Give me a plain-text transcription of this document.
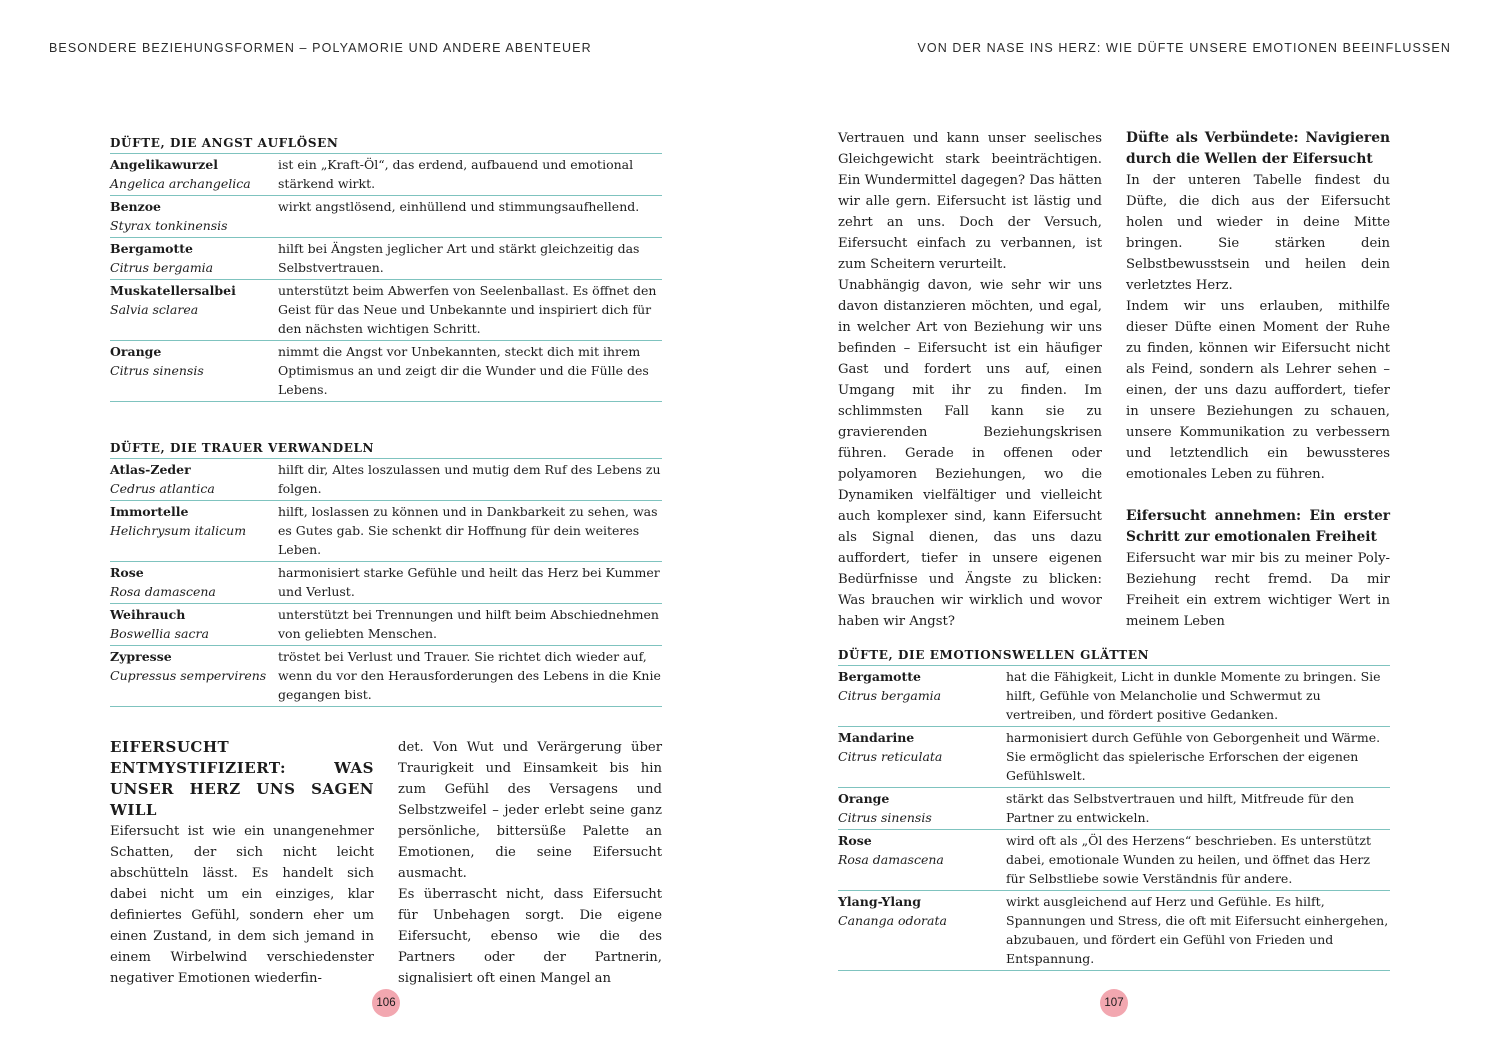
BESONDERE BEZIEHUNGSFORMEN – POLYAMORIE UND ANDERE ABENTEUER	VON DER NASE INS HERZ: WIE DÜFTE UNSERE EMOTIONEN BEEINFLUSSEN
DÜFTE, DIE ANGST AUFLÖSEN
Angelikawurzel
Angelica archangelica
ist ein „Kraft-Öl“, das erdend, aufbauend und emotional stärkend wirkt.
Benzoe
Styrax tonkinensis
wirkt angstlösend, einhüllend und stimmungsaufhellend.
Bergamotte
Citrus bergamia
hilft bei Ängsten jeglicher Art und stärkt gleichzeitig das Selbstvertrauen.
Muskatellersalbei
Salvia sclarea
unterstützt beim Abwerfen von Seelenballast. Es öffnet den Geist für das Neue und Unbekannte und inspiriert dich für den nächsten wichtigen Schritt.
Orange
Citrus sinensis
nimmt die Angst vor Unbekannten, steckt dich mit ihrem Optimismus an und zeigt dir die Wunder und die Fülle des Lebens.
DÜFTE, DIE TRAUER VERWANDELN
Atlas-Zeder
Cedrus atlantica
hilft dir, Altes loszulassen und mutig dem Ruf des Lebens zu folgen.
Immortelle
Helichrysum italicum
hilft, loslassen zu können und in Dankbarkeit zu sehen, was es Gutes gab. Sie schenkt dir Hoffnung für dein weiteres Leben.
Rose
Rosa damascena
harmonisiert starke Gefühle und heilt das Herz bei Kummer und Verlust.
Weihrauch
Boswellia sacra
unterstützt bei Trennungen und hilft beim Abschiednehmen von geliebten Menschen.
Zypresse
Cupressus sempervirens
tröstet bei Verlust und Trauer. Sie richtet dich wieder auf, wenn du vor den Herausforderungen des Lebens in die Knie gegangen bist.
EIFERSUCHT ENTMYSTIFIZIERT: WAS UNSER HERZ UNS SAGEN WILL

Eifersucht ist wie ein unangenehmer Schatten, der sich nicht leicht abschütteln lässt. Es handelt sich dabei nicht um ein einziges, klar definiertes Gefühl, sondern eher um einen Zustand, in dem sich jemand in einem Wirbelwind verschiedenster negativer Emotionen wiederfin-

det. Von Wut und Verärgerung über Traurigkeit und Einsamkeit bis hin zum Gefühl des Versagens und Selbstzweifel – jeder erlebt seine ganz persönliche, bittersüße Palette an Emotionen, die seine Eifersucht ausmacht.

Es überrascht nicht, dass Eifersucht für Unbehagen sorgt. Die eigene Eifersucht, ebenso wie die des Partners oder der Partnerin, signalisiert oft einen Mangel an

Vertrauen und kann unser seelisches Gleichgewicht stark beeinträchtigen. Ein Wundermittel dagegen? Das hätten wir alle gern. Eifersucht ist lästig und zehrt an uns. Doch der Versuch, Eifersucht einfach zu verbannen, ist zum Scheitern verurteilt.

Unabhängig davon, wie sehr wir uns davon distanzieren möchten, und egal, in welcher Art von Beziehung wir uns befinden – Eifersucht ist ein häufiger Gast und fordert uns auf, einen Umgang mit ihr zu finden. Im schlimmsten Fall kann sie zu gravierenden Beziehungskrisen führen. Gerade in offenen oder polyamoren Beziehungen, wo die Dynamiken vielfältiger und vielleicht auch komplexer sind, kann Eifersucht als Signal dienen, das uns dazu auffordert, tiefer in unsere eigenen Bedürfnisse und Ängste zu blicken: Was brauchen wir wirklich und wovor haben wir Angst?

Düfte als Verbündete: Navigieren durch die Wellen der Eifersucht

In der unteren Tabelle findest du Düfte, die dich aus der Eifersucht holen und wieder in deine Mitte bringen. Sie stärken dein Selbstbewusstsein und heilen dein verletztes Herz.

Indem wir uns erlauben, mithilfe dieser Düfte einen Moment der Ruhe zu finden, können wir Eifersucht nicht als Feind, sondern als Lehrer sehen – einen, der uns dazu auffordert, tiefer in unsere Beziehungen zu schauen, unsere Kommunikation zu verbessern und letztendlich ein bewussteres emotionales Leben zu führen.

Eifersucht annehmen: Ein erster Schritt zur emotionalen Freiheit

Eifersucht war mir bis zu meiner Poly-Beziehung recht fremd. Da mir Freiheit ein extrem wichtiger Wert in meinem Leben

DÜFTE, DIE EMOTIONSWELLEN GLÄTTEN
Bergamotte
Citrus bergamia
hat die Fähigkeit, Licht in dunkle Momente zu bringen. Sie hilft, Gefühle von Melancholie und Schwermut zu vertreiben, und fördert positive Gedanken.
Mandarine
Citrus reticulata
harmonisiert durch Gefühle von Geborgenheit und Wärme. Sie ermöglicht das spielerische Erforschen der eigenen Gefühlswelt.
Orange
Citrus sinensis
stärkt das Selbstvertrauen und hilft, Mitfreude für den Partner zu entwickeln.
Rose
Rosa damascena
wird oft als „Öl des Herzens“ beschrieben. Es unterstützt dabei, emotionale Wunden zu heilen, und öffnet das Herz für Selbstliebe sowie Verständnis für andere.
Ylang-Ylang
Cananga odorata
wirkt ausgleichend auf Herz und Gefühle. Es hilft, Spannungen und Stress, die oft mit Eifersucht einhergehen, abzubauen, und fördert ein Gefühl von Frieden und Entspannung.
106	107
